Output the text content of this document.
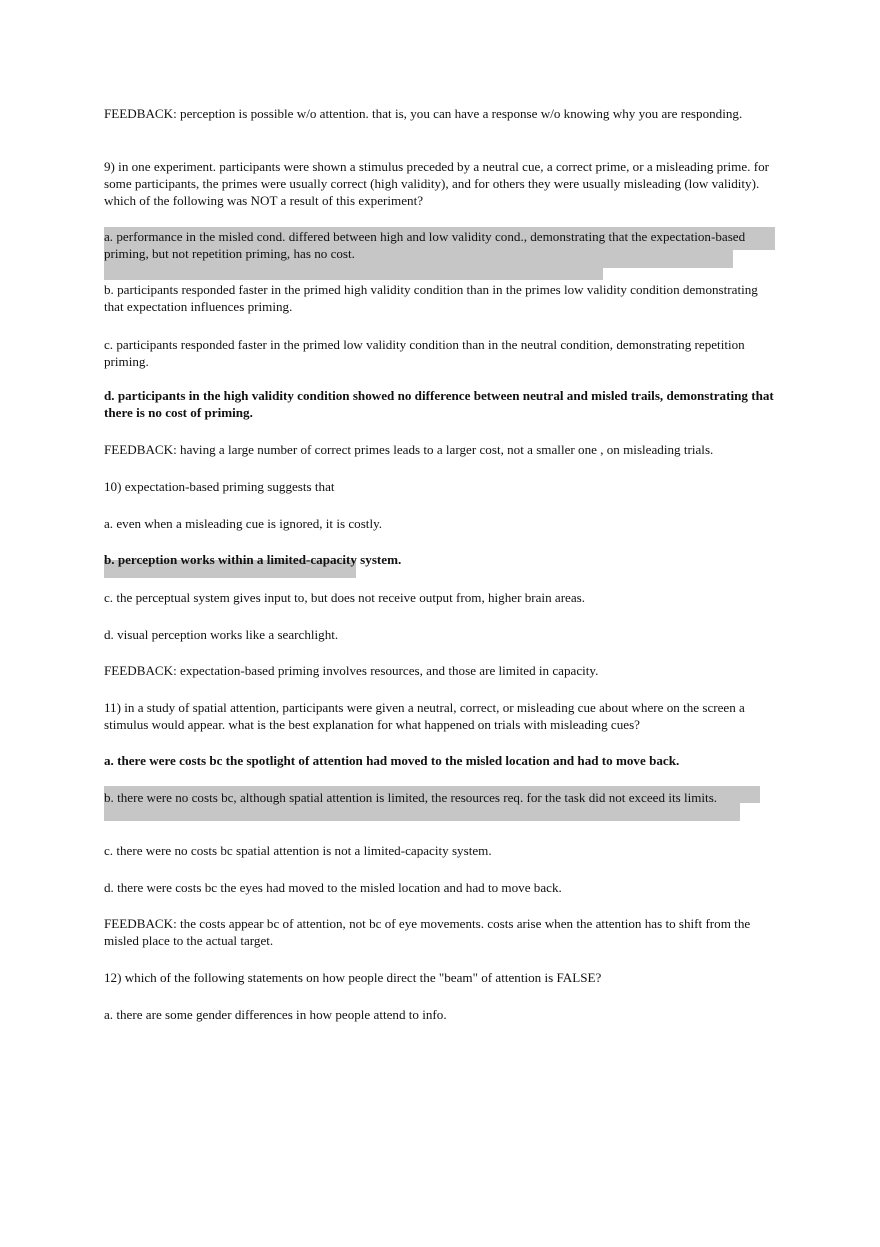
FEEDBACK: perception is possible w/o attention. that is, you can have a response w/o knowing why you are responding.

9) in one experiment. participants were shown a stimulus preceded by a neutral cue, a correct prime, or a misleading prime. for some participants, the primes were usually correct (high validity), and for others they were usually misleading (low validity). which of the following was NOT a result of this experiment?

a. performance in the misled cond. differed between high and low validity cond., demonstrating that the expectation-based priming, but not repetition priming, has no cost.

b. participants responded faster in the primed high validity condition than in the primes low validity condition demonstrating that expectation influences priming.

c. participants responded faster in the primed low validity condition than in the neutral condition, demonstrating repetition priming.

d. participants in the high validity condition showed no difference between neutral and misled trails, demonstrating that there is no cost of priming.

FEEDBACK: having a large number of correct primes leads to a larger cost, not a smaller one , on misleading trials.

10) expectation-based priming suggests that

a. even when a misleading cue is ignored, it is costly.

b. perception works within a limited-capacity system.

c. the perceptual system gives input to, but does not receive output from, higher brain areas.

d. visual perception works like a searchlight.

FEEDBACK: expectation-based priming involves resources, and those are limited in capacity.

11) in a study of spatial attention, participants were given a neutral, correct, or misleading cue about where on the screen a stimulus would appear. what is the best explanation for what happened on trials with misleading cues?

a. there were costs bc the spotlight of attention had moved to the misled location and had to move back.

b. there were no costs bc, although spatial attention is limited, the resources req. for the task did not exceed its limits.

c. there were no costs bc spatial attention is not a limited-capacity system.

d. there were costs bc the eyes had moved to the misled location and had to move back.

FEEDBACK: the costs appear bc of attention, not bc of eye movements. costs arise when the attention has to shift from the misled place to the actual target.

12) which of the following statements on how people direct the "beam" of attention is FALSE?

a. there are some gender differences in how people attend to info.
